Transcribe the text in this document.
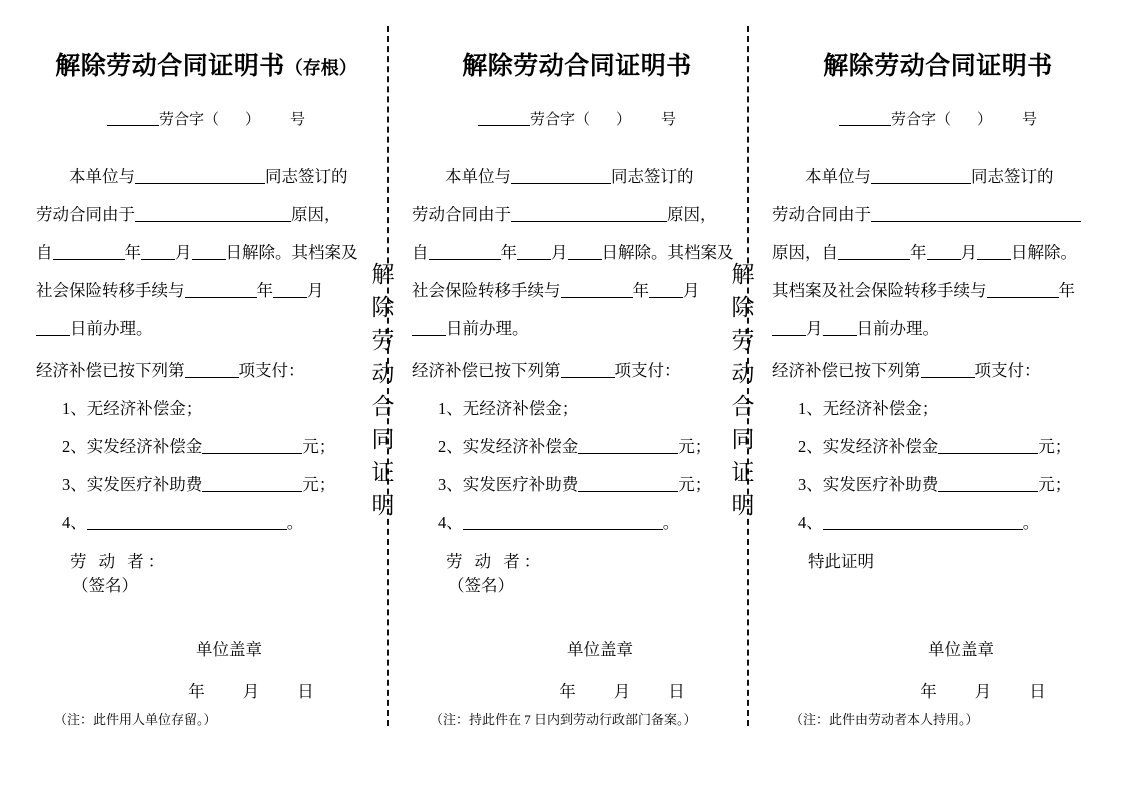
解
除
劳
动
合
同
证
明
解
除
劳
动
合
同
证
明
解除劳动合同证明书（存根）
劳合字（ ） 号

本单位与	同志签订的

劳动合同由于	原因，

自	年 月 日解除。其档案及

社会保险转移手续与	年 月

日前办理。

经济补偿已按下列第	项支付：

1、无经济补偿金；

2、实发经济补偿金	元；

3、实发医疗补助费	元；

4、	。

劳 动 者：

（签名）

单位盖章
年 月 日
（注：此件用人单位存留。）
解除劳动合同证明书
劳合字（ ） 号

本单位与	同志签订的

劳动合同由于	原因，

自	年 月 日解除。其档案及

社会保险转移手续与	年 月

日前办理。

经济补偿已按下列第	项支付：

1、无经济补偿金；

2、实发经济补偿金	元；

3、实发医疗补助费	元；

4、	。

劳 动 者：

（签名）

单位盖章
年 月 日
（注：持此件在 7 日内到劳动行政部门备案。）
解除劳动合同证明书
劳合字（ ） 号

本单位与	同志签订的

劳动合同由于

原因，自	年 月 日解除。

其档案及社会保险转移手续与	年

月 日前办理。

经济补偿已按下列第	项支付：

1、无经济补偿金；

2、实发经济补偿金	元；

3、实发医疗补助费	元；

4、	。

特此证明

单位盖章
年 月 日
（注：此件由劳动者本人持用。）
